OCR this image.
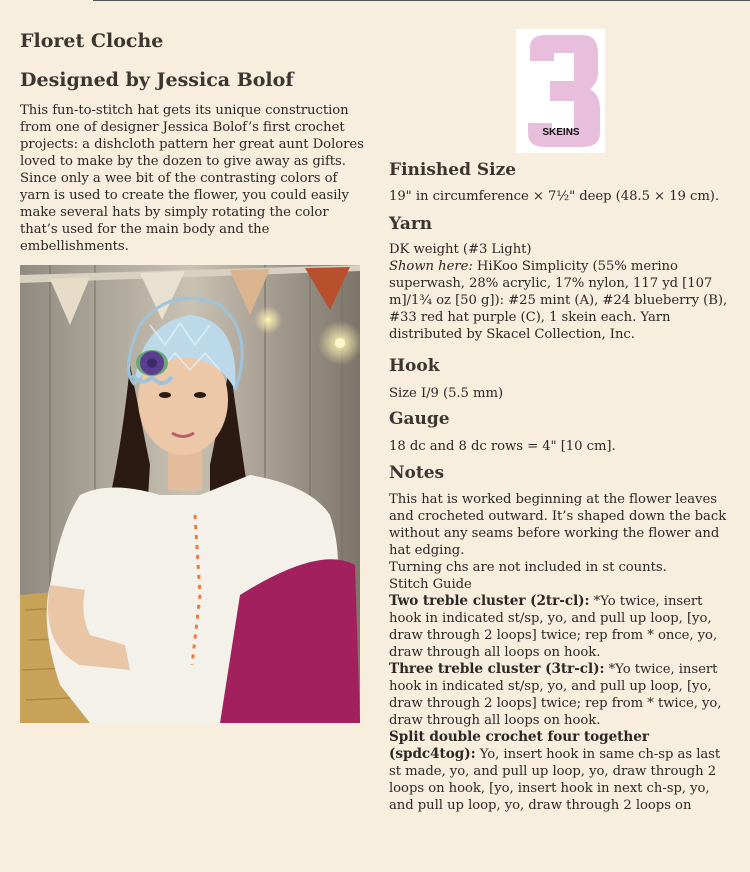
Floret Cloche
Designed by Jessica Bolof

This fun-to-stitch hat gets its unique construction from one of designer Jessica Bolof’s first crochet projects: a dishcloth pattern her great aunt Dolores loved to make by the dozen to give away as gifts. Since only a wee bit of the contrasting colors of yarn is used to create the flower, you could easily make several hats by simply rotating the color that’s used for the main body and the embellishments.

SKEINS
Finished Size

19" in circumference × 7½" deep (48.5 × 19 cm).

Yarn

DK weight (#3 Light)
Shown here: HiKoo Simplicity (55% merino superwash, 28% acrylic, 17% nylon, 117 yd [107 m]/1¾ oz [50 g]): #25 mint (A), #24 blueberry (B), #33 red hat purple (C), 1 skein each. Yarn distributed by Skacel Collection, Inc.

Hook

Size I/9 (5.5 mm)

Gauge

18 dc and 8 dc rows = 4" [10 cm].

Notes

This hat is worked beginning at the flower leaves and crocheted outward. It’s shaped down the back without any seams before working the flower and hat edging.

Turning chs are not included in st counts.

Stitch Guide

Two treble cluster (2tr-cl): *Yo twice, insert hook in indicated st/sp, yo, and pull up loop, [yo, draw through 2 loops] twice; rep from * once, yo, draw through all loops on hook.

Three treble cluster (3tr-cl): *Yo twice, insert hook in indicated st/sp, yo, and pull up loop, [yo, draw through 2 loops] twice; rep from * twice, yo, draw through all loops on hook.

Split double crochet four together (spdc4tog): Yo, insert hook in same ch-sp as last st made, yo, and pull up loop, yo, draw through 2 loops on hook, [yo, insert hook in next ch-sp, yo, and pull up loop, yo, draw through 2 loops on
